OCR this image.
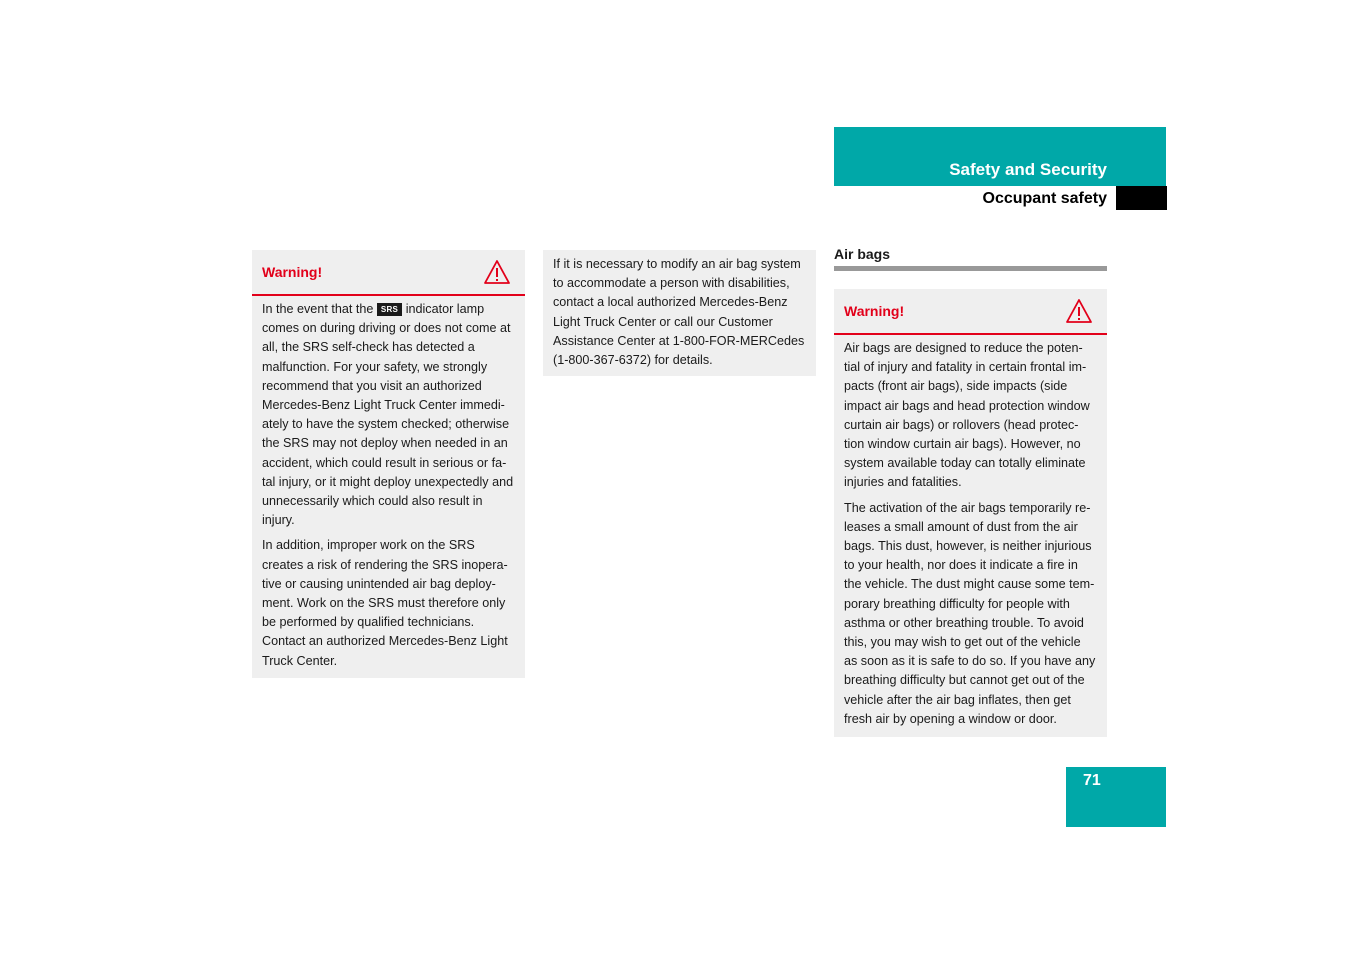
Safety and Security
Occupant safety
Warning!

In the event that the SRS indicator lamp comes on during driving or does not come at all, the SRS self-check has detected a malfunction. For your safety, we strongly recommend that you visit an authorized Mercedes-Benz Light Truck Center immedi-ately to have the system checked; otherwise the SRS may not deploy when needed in an accident, which could result in serious or fa-tal injury, or it might deploy unexpectedly and unnecessarily which could also result in injury.

In addition, improper work on the SRS creates a risk of rendering the SRS inopera-tive or causing unintended air bag deploy-ment. Work on the SRS must therefore only be performed by qualified technicians. Contact an authorized Mercedes-Benz Light Truck Center.

If it is necessary to modify an air bag system to accommodate a person with disabilities, contact a local authorized Mercedes-Benz Light Truck Center or call our Customer Assistance Center at 1-800-FOR-MERCedes (1-800-367-6372) for details.

Air bags
Warning!

Air bags are designed to reduce the poten-tial of injury and fatality in certain frontal im-pacts (front air bags), side impacts (side impact air bags and head protection window curtain air bags) or rollovers (head protec-tion window curtain air bags). However, no system available today can totally eliminate injuries and fatalities.

The activation of the air bags temporarily re-leases a small amount of dust from the air bags. This dust, however, is neither injurious to your health, nor does it indicate a fire in the vehicle. The dust might cause some tem-porary breathing difficulty for people with asthma or other breathing trouble. To avoid this, you may wish to get out of the vehicle as soon as it is safe to do so. If you have any breathing difficulty but cannot get out of the vehicle after the air bag inflates, then get fresh air by opening a window or door.

71
